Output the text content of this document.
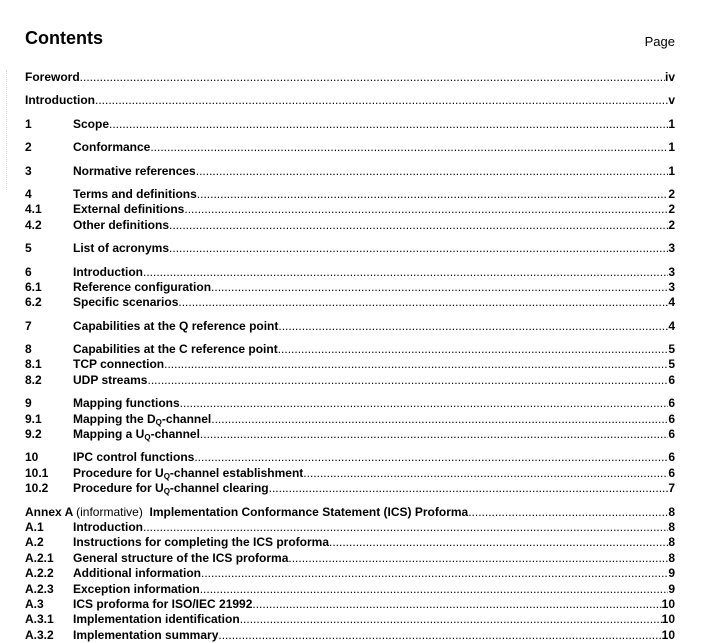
Contents	Page
Foreword .....	iv
Introduction .....	v
1	Scope .....	1
2	Conformance .....	1
3	Normative references .....	1
4	Terms and definitions .....	2
4.1	External definitions .....	2
4.2	Other definitions .....	2
5	List of acronyms .....	3
6	Introduction .....	3
6.1	Reference configuration .....	3
6.2	Specific scenarios .....	4
7	Capabilities at the Q reference point .....	4
8	Capabilities at the C reference point .....	5
8.1	TCP connection .....	5
8.2	UDP streams .....	6
9	Mapping functions .....	6
9.1	Mapping the $D_Q$-channel .....	6
9.2	Mapping a $U_Q$-channel .....	6
10	IPC control functions .....	6
10.1	Procedure for $U_Q$-channel establishment .....	6
10.2	Procedure for $U_Q$-channel clearing .....	7
Annex A (informative) Implementation Conformance Statement (ICS) Proforma .....	8
A.1	Introduction .....	8
A.2	Instructions for completing the ICS proforma .....	8
A.2.1	General structure of the ICS proforma .....	8
A.2.2	Additional information .....	9
A.2.3	Exception information .....	9
A.3	ICS proforma for ISO/IEC 21992 .....	10
A.3.1	Implementation identification .....	10
A.3.2	Implementation summary .....	10
